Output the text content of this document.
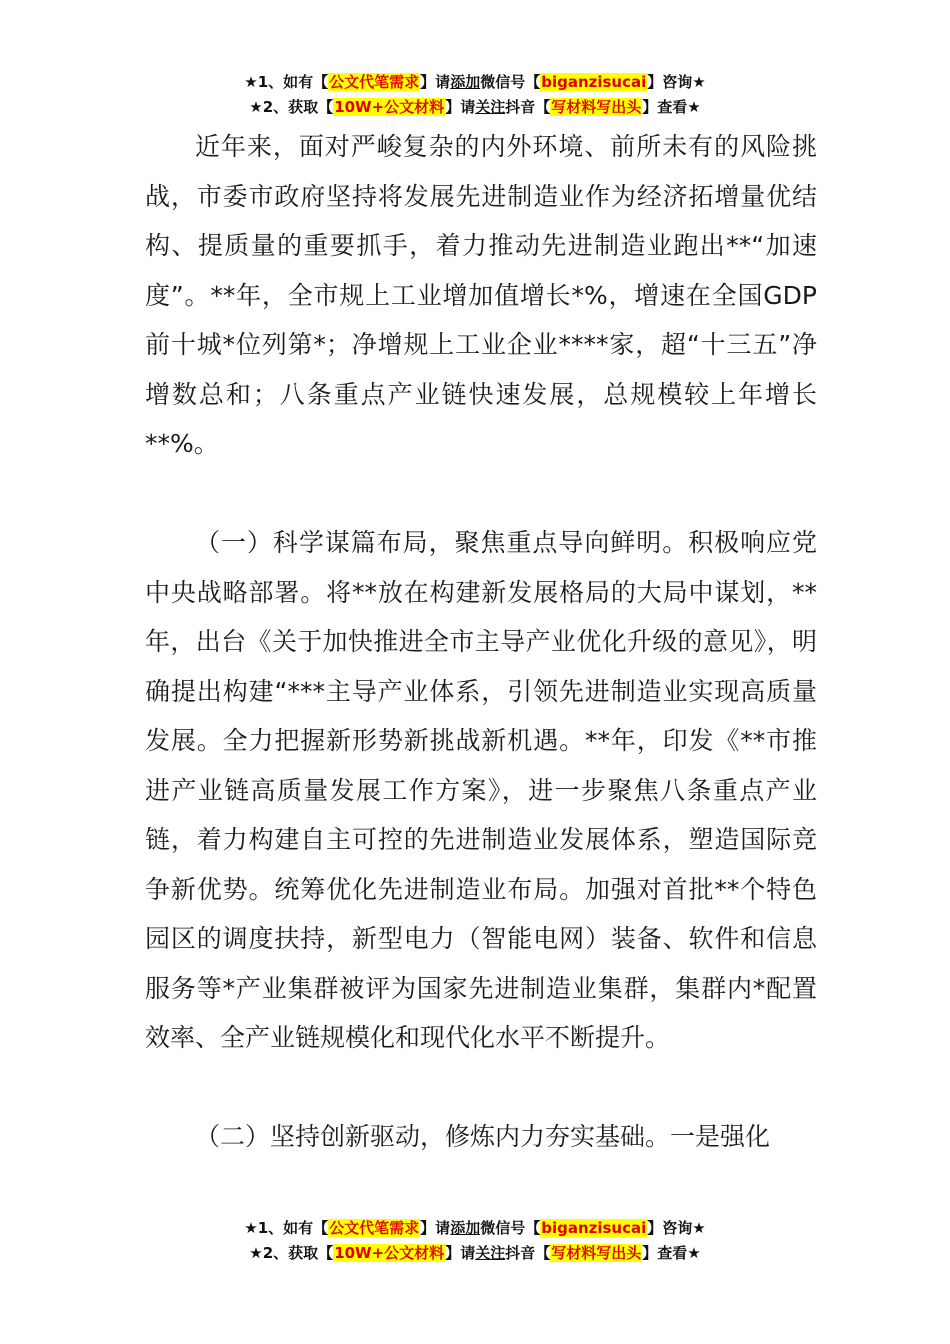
★1、如有【公文代笔需求】请添加微信号【biganzisucai】咨询★
★2、获取【10W+公文材料】请关注抖音【写材料写出头】查看★

近年来，面对严峻复杂的内外环境、前所未有的风险挑战，市委市政府坚持将发展先进制造业作为经济拓增量优结构、提质量的重要抓手，着力推动先进制造业跑出**“加速度”。**年，全市规上工业增加值增长*%，增速在全国GDP前十城*位列第*；净增规上工业企业****家，超“十三五”净增数总和；八条重点产业链快速发展，总规模较上年增长**%。

（一）科学谋篇布局，聚焦重点导向鲜明。积极响应党中央战略部署。将**放在构建新发展格局的大局中谋划，**年，出台《关于加快推进全市主导产业优化升级的意见》，明确提出构建“***主导产业体系，引领先进制造业实现高质量发展。全力把握新形势新挑战新机遇。**年，印发《**市推进产业链高质量发展工作方案》，进一步聚焦八条重点产业链，着力构建自主可控的先进制造业发展体系，塑造国际竞争新优势。统筹优化先进制造业布局。加强对首批**个特色园区的调度扶持，新型电力（智能电网）装备、软件和信息服务等*产业集群被评为国家先进制造业集群，集群内*配置效率、全产业链规模化和现代化水平不断提升。

（二）坚持创新驱动，修炼内力夯实基础。一是强化

★1、如有【公文代笔需求】请添加微信号【biganzisucai】咨询★
★2、获取【10W+公文材料】请关注抖音【写材料写出头】查看★
